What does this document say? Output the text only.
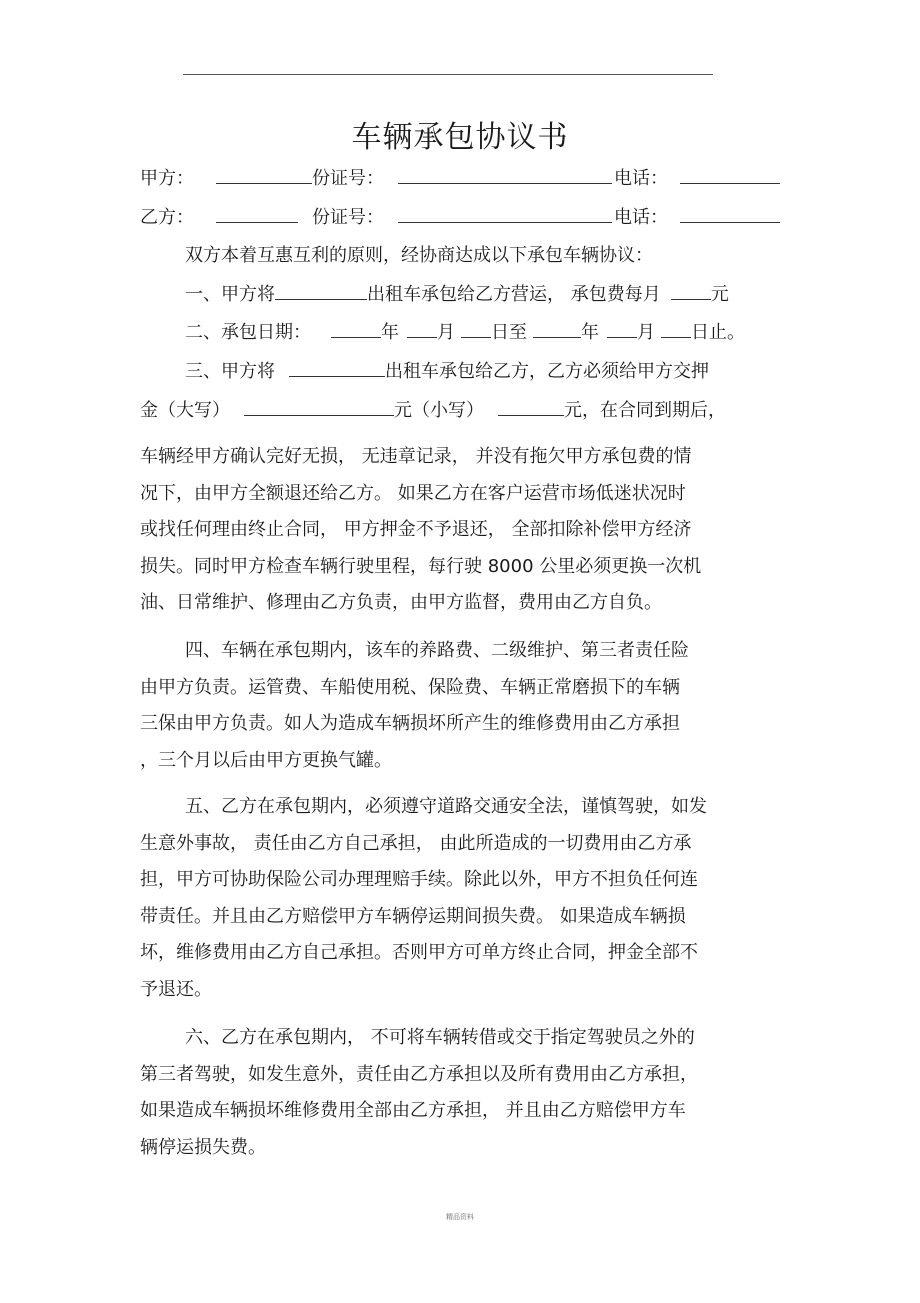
车辆承包协议书
甲方：	份证号：	电话：
乙方：	份证号：	电话：
双方本着互惠互利的原则，经协商达成以下承包车辆协议：
一、甲方将	出租车承包给乙方营运， 承包费每月	元
二、承包日期：	年 月 日至	年 月 日止。
三、甲方将	出租车承包给乙方，乙方必须给甲方交押
金（大写）	元（小写）	元，在合同到期后，
车辆经甲方确认完好无损， 无违章记录， 并没有拖欠甲方承包费的情
况下，由甲方全额退还给乙方。 如果乙方在客户运营市场低迷状况时
或找任何理由终止合同， 甲方押金不予退还， 全部扣除补偿甲方经济
损失。同时甲方检查车辆行驶里程，每行驶 8000 公里必须更换一次机
油、日常维护、修理由乙方负责，由甲方监督，费用由乙方自负。
四、车辆在承包期内，该车的养路费、二级维护、第三者责任险
由甲方负责。运管费、车船使用税、保险费、车辆正常磨损下的车辆
三保由甲方负责。如人为造成车辆损坏所产生的维修费用由乙方承担
，三个月以后由甲方更换气罐。
五、乙方在承包期内，必须遵守道路交通安全法，谨慎驾驶，如发
生意外事故， 责任由乙方自己承担， 由此所造成的一切费用由乙方承
担，甲方可协助保险公司办理理赔手续。除此以外，甲方不担负任何连
带责任。并且由乙方赔偿甲方车辆停运期间损失费。 如果造成车辆损
坏，维修费用由乙方自己承担。否则甲方可单方终止合同，押金全部不
予退还。
六、乙方在承包期内， 不可将车辆转借或交于指定驾驶员之外的
第三者驾驶，如发生意外，责任由乙方承担以及所有费用由乙方承担，
如果造成车辆损坏维修费用全部由乙方承担， 并且由乙方赔偿甲方车
辆停运损失费。
精品资料
